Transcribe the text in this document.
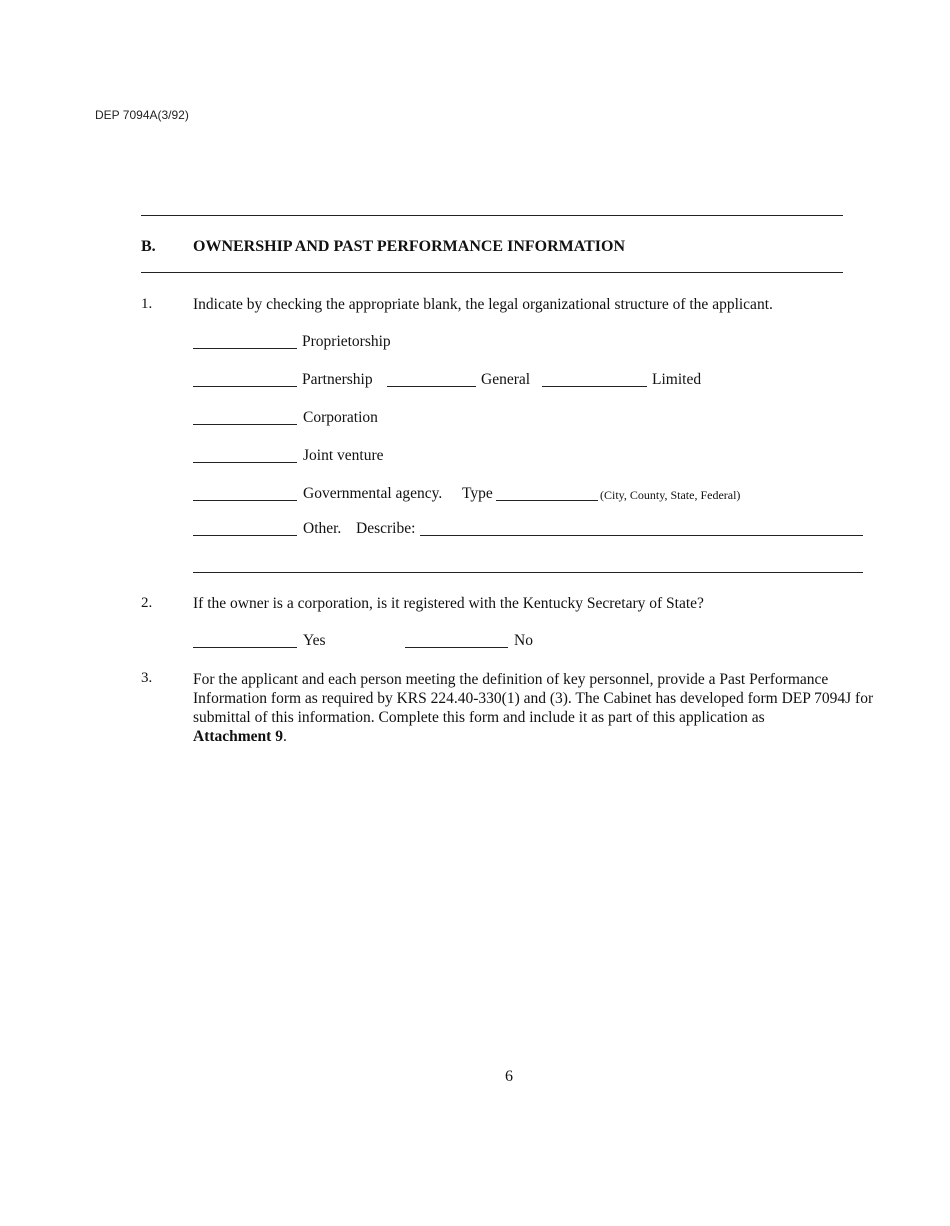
DEP 7094A(3/92)
B. OWNERSHIP AND PAST PERFORMANCE INFORMATION
1.	Indicate by checking the appropriate blank, the legal organizational structure of the applicant.
Proprietorship
Partnership	General	Limited
Corporation
Joint venture
Governmental agency. Type	(City, County, State, Federal)
Other. Describe:
2.	If the owner is a corporation, is it registered with the Kentucky Secretary of State?
Yes	No
3.	For the applicant and each person meeting the definition of key personnel, provide a Past Performance Information form as required by KRS 224.40-330(1) and (3). The Cabinet has developed form DEP 7094J for submittal of this information. Complete this form and include it as part of this application as
Attachment 9.
6
